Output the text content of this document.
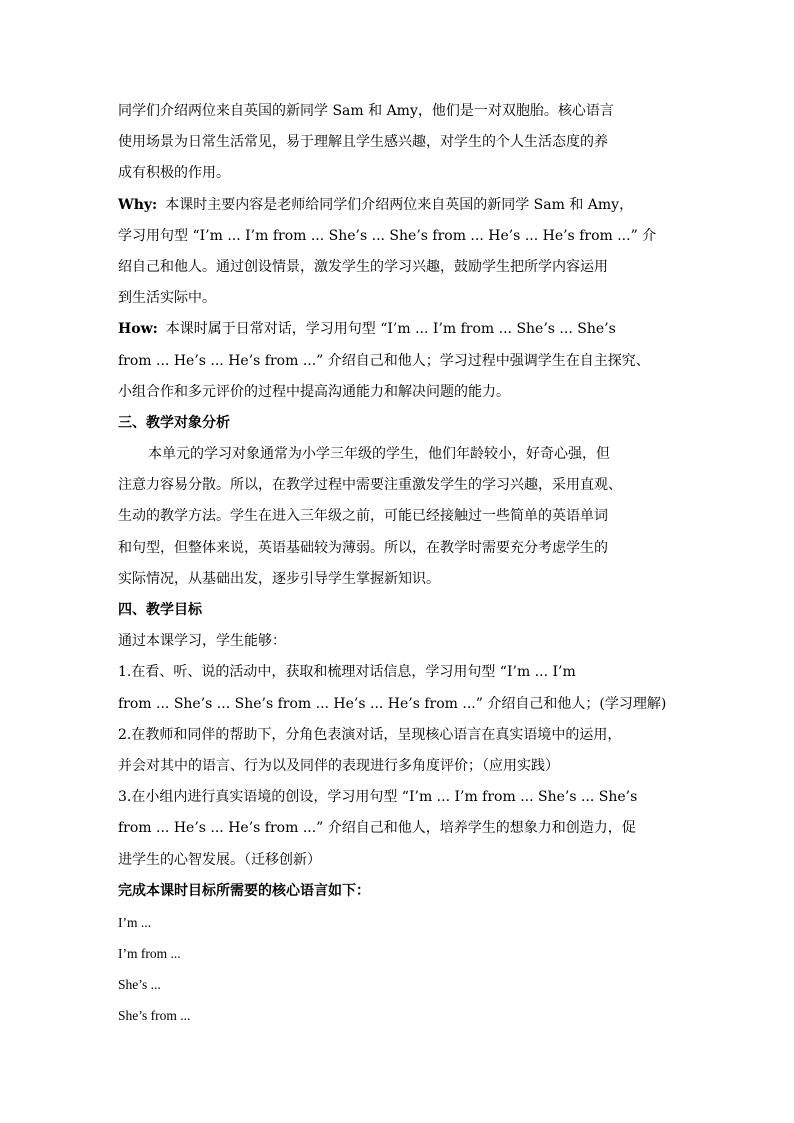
同学们介绍两位来自英国的新同学 Sam 和 Amy，他们是一对双胞胎。核心语言
使用场景为日常生活常见，易于理解且学生感兴趣，对学生的个人生活态度的养
成有积极的作用。
Why: 本课时主要内容是老师给同学们介绍两位来自英国的新同学 Sam 和 Amy，
学习用句型 “I’m ... I’m from ... She’s ... She’s from ... He’s ... He’s from ...” 介
绍自己和他人。通过创设情景，激发学生的学习兴趣，鼓励学生把所学内容运用
到生活实际中。
How: 本课时属于日常对话，学习用句型 “I’m ... I’m from ... She’s ... She’s
from ... He’s ... He’s from ...” 介绍自己和他人；学习过程中强调学生在自主探究、
小组合作和多元评价的过程中提高沟通能力和解决问题的能力。
三、教学对象分析
本单元的学习对象通常为小学三年级的学生，他们年龄较小，好奇心强，但
注意力容易分散。所以，在教学过程中需要注重激发学生的学习兴趣，采用直观、
生动的教学方法。学生在进入三年级之前，可能已经接触过一些简单的英语单词
和句型，但整体来说，英语基础较为薄弱。所以，在教学时需要充分考虑学生的
实际情况，从基础出发，逐步引导学生掌握新知识。
四、教学目标
通过本课学习，学生能够：
1.在看、听、说的活动中，获取和梳理对话信息，学习用句型 “I’m ... I’m
from ... She’s ... She’s from ... He’s ... He’s from ...” 介绍自己和他人；(学习理解)
2.在教师和同伴的帮助下，分角色表演对话，呈现核心语言在真实语境中的运用，
并会对其中的语言、行为以及同伴的表现进行多角度评价；（应用实践）
3.在小组内进行真实语境的创设，学习用句型 “I’m ... I’m from ... She’s ... She’s
from ... He’s ... He’s from ...” 介绍自己和他人，培养学生的想象力和创造力，促
进学生的心智发展。（迁移创新）
完成本课时目标所需要的核心语言如下：
I’m ...
I’m from ...
She’s ...
She’s from ...
